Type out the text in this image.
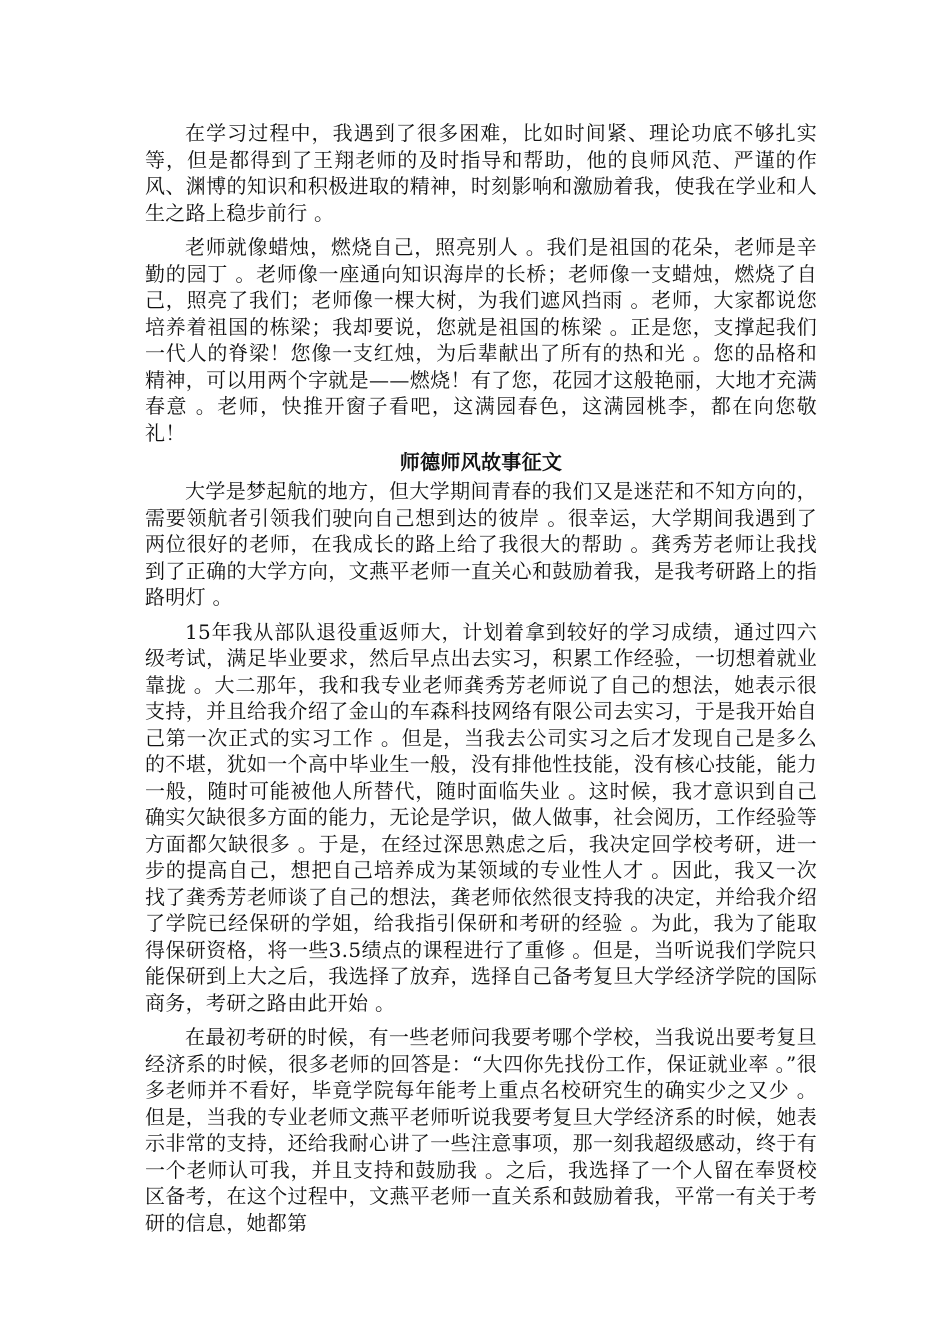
在学习过程中，我遇到了很多困难，比如时间紧、理论功底不够扎实等，但是都得到了王翔老师的及时指导和帮助，他的良师风范、严谨的作风、渊博的知识和积极进取的精神，时刻影响和激励着我，使我在学业和人生之路上稳步前行 。

老师就像蜡烛，燃烧自己，照亮别人 。我们是祖国的花朵，老师是辛勤的园丁 。老师像一座通向知识海岸的长桥；老师像一支蜡烛，燃烧了自己，照亮了我们；老师像一棵大树，为我们遮风挡雨 。老师，大家都说您培养着祖国的栋梁；我却要说，您就是祖国的栋梁 。正是您，支撑起我们一代人的脊梁！您像一支红烛，为后辈献出了所有的热和光 。您的品格和精神，可以用两个字就是——燃烧！有了您，花园才这般艳丽，大地才充满春意 。老师，快推开窗子看吧，这满园春色，这满园桃李，都在向您敬礼！

师德师风故事征文

大学是梦起航的地方，但大学期间青春的我们又是迷茫和不知方向的，需要领航者引领我们驶向自己想到达的彼岸 。很幸运，大学期间我遇到了两位很好的老师，在我成长的路上给了我很大的帮助 。龚秀芳老师让我找到了正确的大学方向，文燕平老师一直关心和鼓励着我，是我考研路上的指路明灯 。

15年我从部队退役重返师大，计划着拿到较好的学习成绩，通过四六级考试，满足毕业要求，然后早点出去实习，积累工作经验，一切想着就业靠拢 。大二那年，我和我专业老师龚秀芳老师说了自己的想法，她表示很支持，并且给我介绍了金山的车森科技网络有限公司去实习，于是我开始自己第一次正式的实习工作 。但是，当我去公司实习之后才发现自己是多么的不堪，犹如一个高中毕业生一般，没有排他性技能，没有核心技能，能力一般，随时可能被他人所替代，随时面临失业 。这时候，我才意识到自己确实欠缺很多方面的能力，无论是学识，做人做事，社会阅历，工作经验等方面都欠缺很多 。于是，在经过深思熟虑之后，我决定回学校考研，进一步的提高自己，想把自己培养成为某领域的专业性人才 。因此，我又一次找了龚秀芳老师谈了自己的想法，龚老师依然很支持我的决定，并给我介绍了学院已经保研的学姐，给我指引保研和考研的经验 。为此，我为了能取得保研资格，将一些3.5绩点的课程进行了重修 。但是，当听说我们学院只能保研到上大之后，我选择了放弃，选择自己备考复旦大学经济学院的国际商务，考研之路由此开始 。

在最初考研的时候，有一些老师问我要考哪个学校，当我说出要考复旦经济系的时候，很多老师的回答是：“大四你先找份工作，保证就业率 。”很多老师并不看好，毕竟学院每年能考上重点名校研究生的确实少之又少 。但是，当我的专业老师文燕平老师听说我要考复旦大学经济系的时候，她表示非常的支持，还给我耐心讲了一些注意事项，那一刻我超级感动，终于有一个老师认可我，并且支持和鼓励我 。之后，我选择了一个人留在奉贤校区备考，在这个过程中，文燕平老师一直关系和鼓励着我，平常一有关于考研的信息，她都第
